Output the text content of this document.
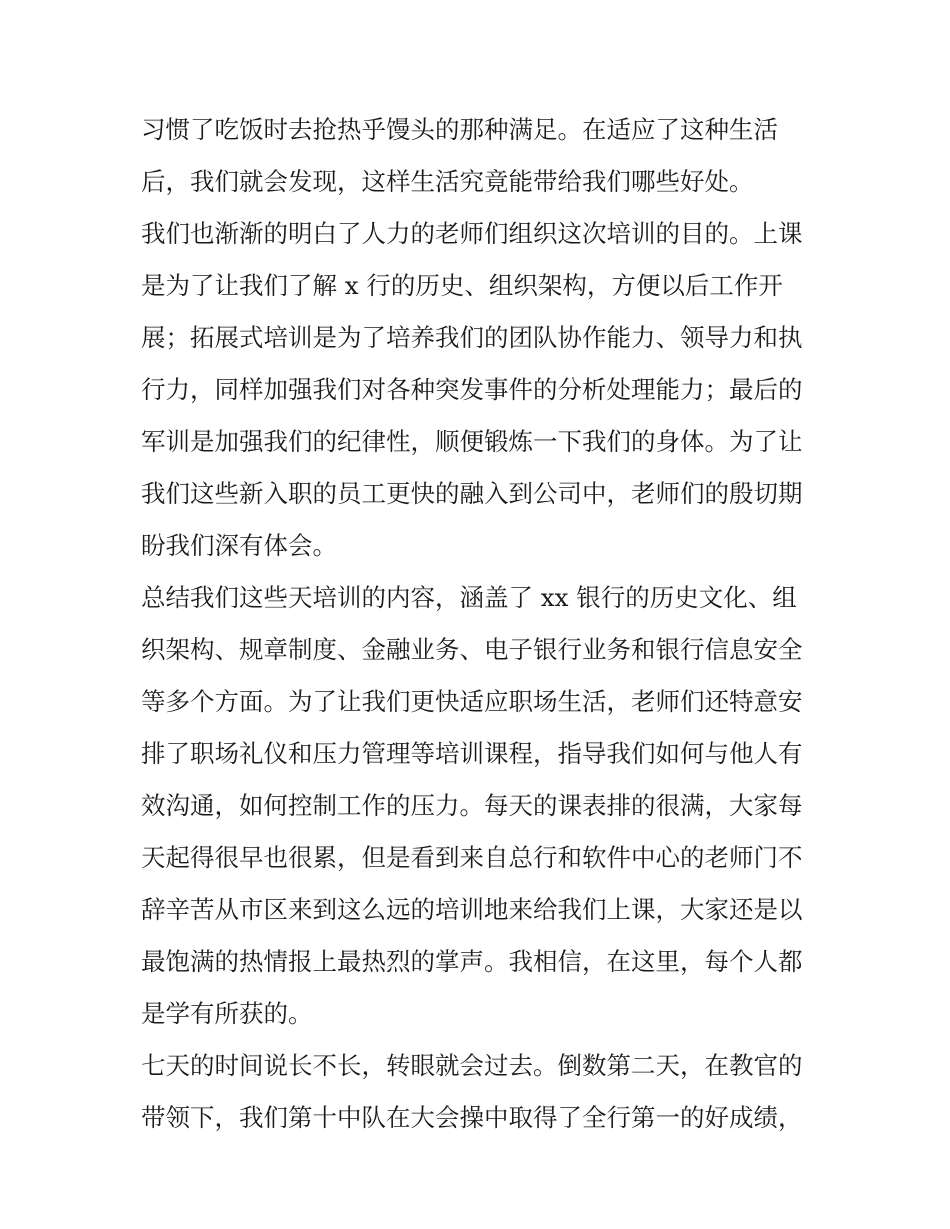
习惯了吃饭时去抢热乎馒头的那种满足。在适应了这种生活
后，我们就会发现，这样生活究竟能带给我们哪些好处。
我们也渐渐的明白了人力的老师们组织这次培训的目的。上课
是为了让我们了解 x 行的历史、组织架构，方便以后工作开
展；拓展式培训是为了培养我们的团队协作能力、领导力和执
行力，同样加强我们对各种突发事件的分析处理能力；最后的
军训是加强我们的纪律性，顺便锻炼一下我们的身体。为了让
我们这些新入职的员工更快的融入到公司中，老师们的殷切期
盼我们深有体会。
总结我们这些天培训的内容，涵盖了 xx 银行的历史文化、组
织架构、规章制度、金融业务、电子银行业务和银行信息安全
等多个方面。为了让我们更快适应职场生活，老师们还特意安
排了职场礼仪和压力管理等培训课程，指导我们如何与他人有
效沟通，如何控制工作的压力。每天的课表排的很满，大家每
天起得很早也很累，但是看到来自总行和软件中心的老师门不
辞辛苦从市区来到这么远的培训地来给我们上课，大家还是以
最饱满的热情报上最热烈的掌声。我相信，在这里，每个人都
是学有所获的。
七天的时间说长不长，转眼就会过去。倒数第二天，在教官的
带领下，我们第十中队在大会操中取得了全行第一的好成绩，
